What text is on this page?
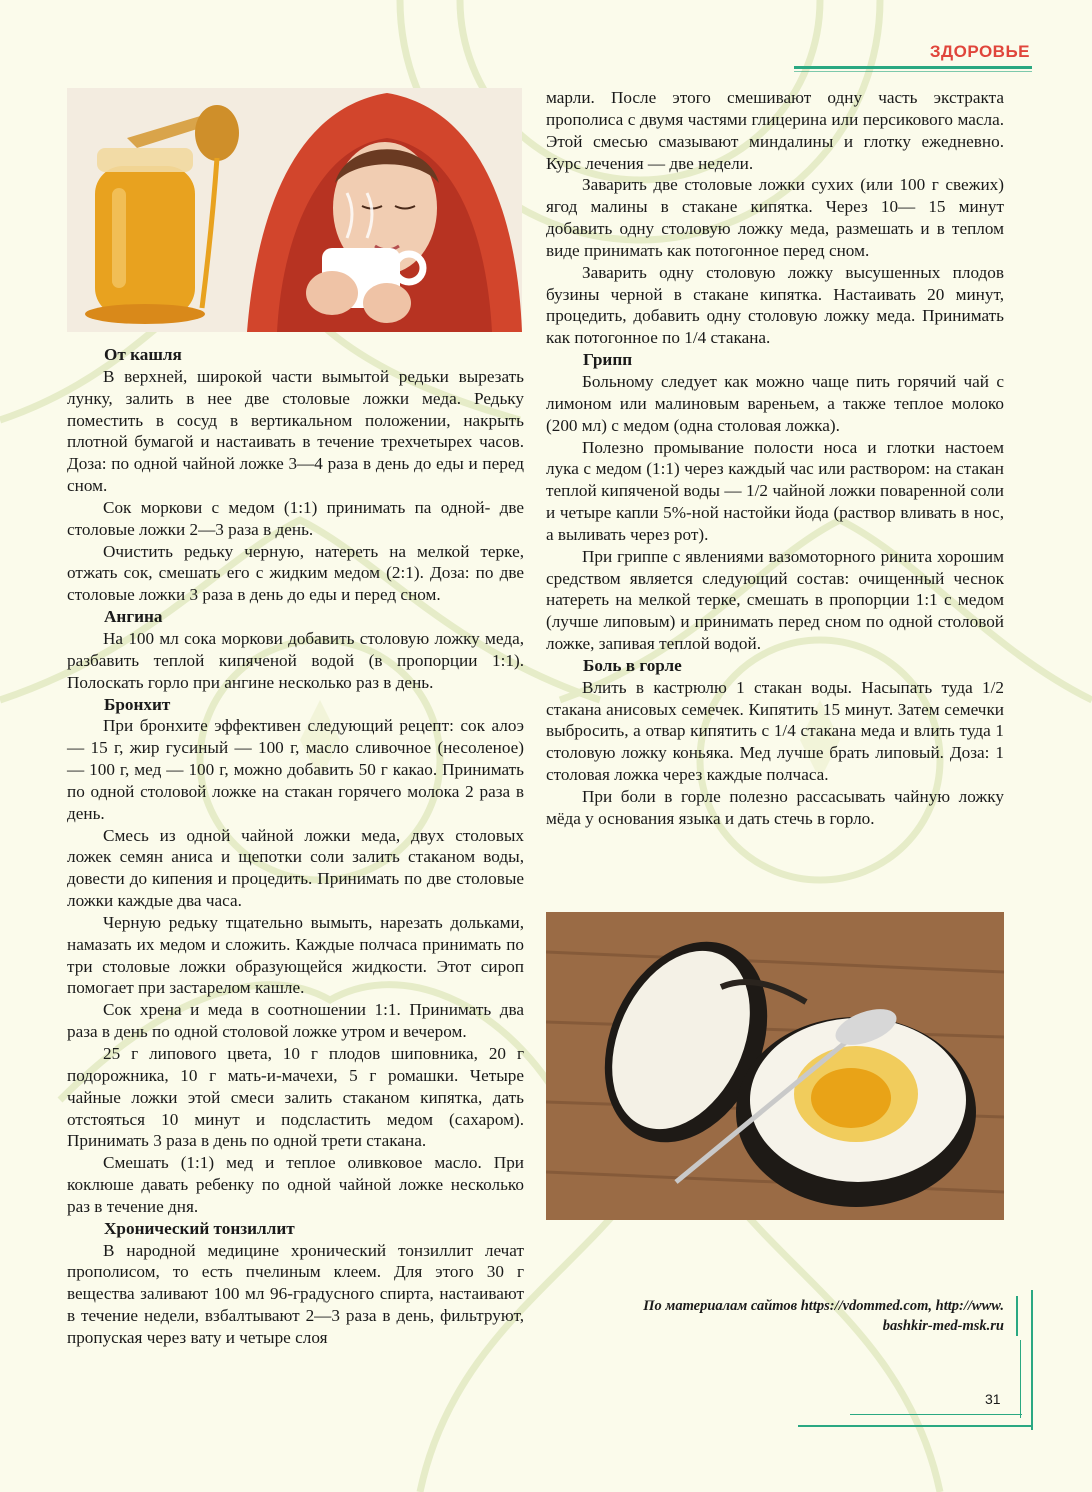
ЗДОРОВЬЕ
От кашля

В верхней, широкой части вымытой редьки вырезать лунку, залить в нее две столовые ложки меда. Редьку поместить в сосуд в вертикальном положении, накрыть плотной бумагой и настаивать в течение трехчетырех часов. Доза: по одной чайной ложке 3—4 раза в день до еды и перед сном.

Сок моркови с медом (1:1) принимать па одной- две столовые ложки 2—3 раза в день.

Очистить редьку черную, натереть на мелкой терке, отжать сок, смешать его с жидким медом (2:1). Доза: по две столовые ложки 3 раза в день до еды и перед сном.

Ангина

На 100 мл сока моркови добавить столовую ложку меда, разбавить теплой кипяченой водой (в пропорции 1:1). Полоскать горло при ангине несколько раз в день.

Бронхит

При бронхите эффективен следующий рецепт: сок алоэ — 15 г, жир гусиный — 100 г, масло сливочное (несоленое) — 100 г, мед — 100 г, можно добавить 50 г какао. Принимать по одной столовой ложке на стакан горячего молока 2 раза в день.

Смесь из одной чайной ложки меда, двух столовых ложек семян аниса и щепотки соли залить стаканом воды, довести до кипения и процедить. Принимать по две столовые ложки каждые два часа.

Черную редьку тщательно вымыть, нарезать дольками, намазать их медом и сложить. Каждые полчаса принимать по три столовые ложки образующейся жидкости. Этот сироп помогает при застарелом кашле.

Сок хрена и меда в соотношении 1:1. Принимать два раза в день по одной столовой ложке утром и вечером.

25 г липового цвета, 10 г плодов шиповника, 20 г подорожника, 10 г мать-и-мачехи, 5 г ромашки. Четыре чайные ложки этой смеси залить стаканом кипятка, дать отстояться 10 минут и подсластить медом (сахаром). Принимать 3 раза в день по одной трети стакана.

Смешать (1:1) мед и теплое оливковое масло. При коклюше давать ребенку по одной чайной ложке несколько раз в течение дня.

Хронический тонзиллит

В народной медицине хронический тонзиллит лечат прополисом, то есть пчелиным клеем. Для этого 30 г вещества заливают 100 мл 96-градусного спирта, настаивают в течение недели, взбалтывают 2—3 раза в день, фильтруют, пропуская через вату и четыре слоя

марли. После этого смешивают одну часть экстракта прополиса с двумя частями глицерина или персикового масла. Этой смесью смазывают миндалины и глотку ежедневно. Курс лечения — две недели.

Заварить две столовые ложки сухих (или 100 г свежих) ягод малины в стакане кипятка. Через 10— 15 минут добавить одну столовую ложку меда, размешать и в теплом виде принимать как потогонное перед сном.

Заварить одну столовую ложку высушенных плодов бузины черной в стакане кипятка. Настаивать 20 минут, процедить, добавить одну столовую ложку меда. Принимать как потогонное по 1/4 стакана.

Грипп

Больному следует как можно чаще пить горячий чай с лимоном или малиновым вареньем, а также теплое молоко (200 мл) с медом (одна столовая ложка).

Полезно промывание полости носа и глотки настоем лука с медом (1:1) через каждый час или раствором: на стакан теплой кипяченой воды — 1/2 чайной ложки поваренной соли и четыре капли 5%-ной настойки йода (раствор вливать в нос, а выливать через рот).

При гриппе с явлениями вазомоторного ринита хорошим средством является следующий состав: очищенный чеснок натереть на мелкой терке, смешать в пропорции 1:1 с медом (лучше липовым) и принимать перед сном по одной столовой ложке, запивая теплой водой.

Боль в горле

Влить в кастрюлю 1 стакан воды. Насыпать туда 1/2 стакана анисовых семечек. Кипятить 15 минут. Затем семечки выбросить, а отвар кипятить с 1/4 стакана меда и влить туда 1 столовую ложку коньяка. Мед лучше брать липовый. Доза: 1 столовая ложка через каждые полчаса.

При боли в горле полезно рассасывать чайную ложку мёда у основания языка и дать стечь в горло.

По материалам сайтов https://vdommed.com, http://www.
bashkir-med-msk.ru
31
